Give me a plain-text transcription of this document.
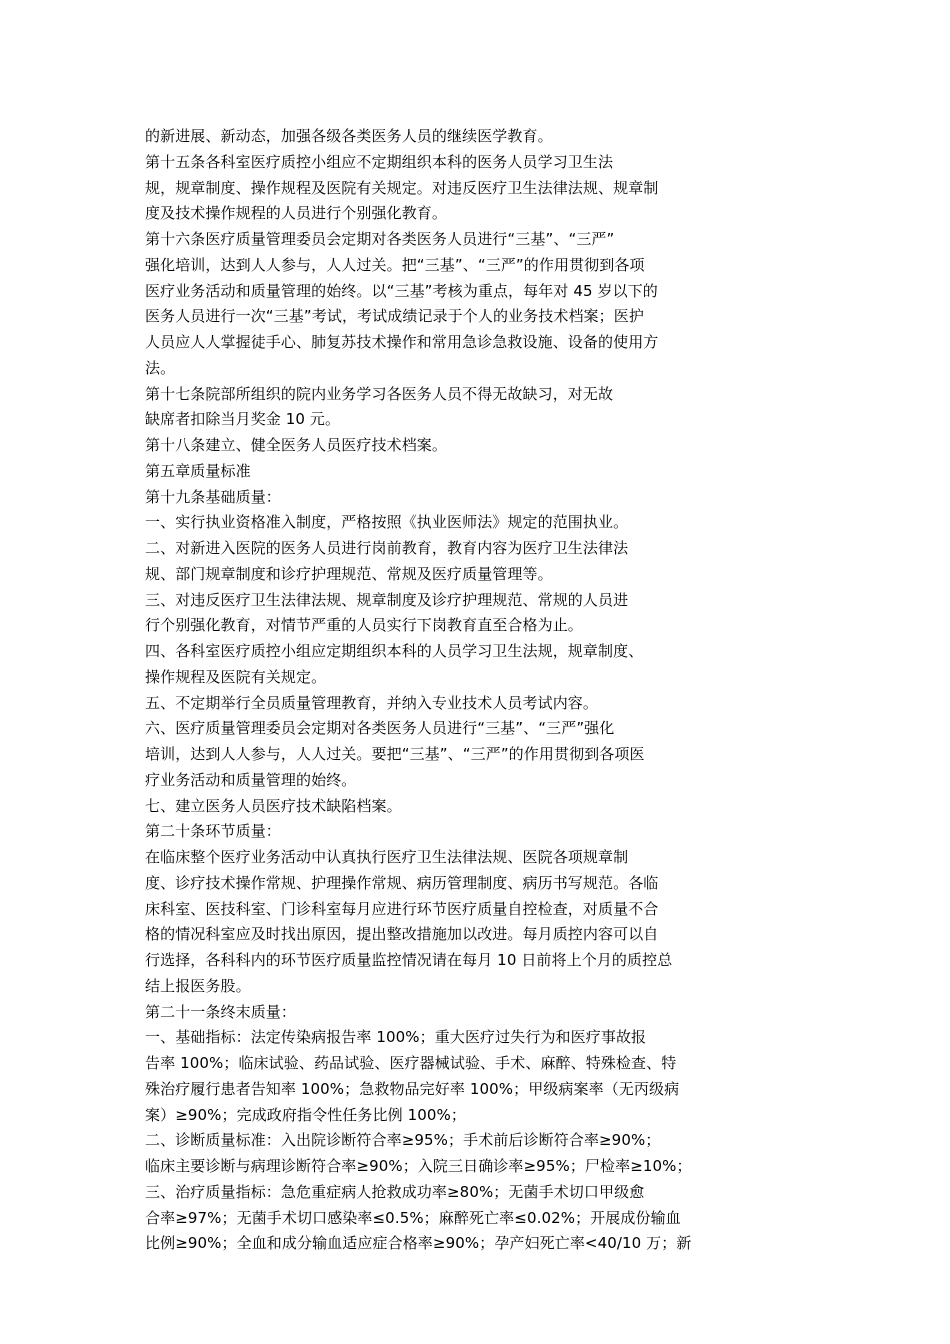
的新进展、新动态，加强各级各类医务人员的继续医学教育。
第十五条各科室医疗质控小组应不定期组织本科的医务人员学习卫生法
规，规章制度、操作规程及医院有关规定。对违反医疗卫生法律法规、规章制
度及技术操作规程的人员进行个别强化教育。
第十六条医疗质量管理委员会定期对各类医务人员进行“三基”、“三严”
强化培训，达到人人参与，人人过关。把“三基”、“三严”的作用贯彻到各项
医疗业务活动和质量管理的始终。以“三基”考核为重点，每年对 45 岁以下的
医务人员进行一次“三基”考试，考试成绩记录于个人的业务技术档案；医护
人员应人人掌握徒手心、肺复苏技术操作和常用急诊急救设施、设备的使用方
法。
第十七条院部所组织的院内业务学习各医务人员不得无故缺习，对无故
缺席者扣除当月奖金 10 元。
第十八条建立、健全医务人员医疗技术档案。
第五章质量标准
第十九条基础质量：
一、实行执业资格准入制度，严格按照《执业医师法》规定的范围执业。
二、对新进入医院的医务人员进行岗前教育，教育内容为医疗卫生法律法
规、部门规章制度和诊疗护理规范、常规及医疗质量管理等。
三、对违反医疗卫生法律法规、规章制度及诊疗护理规范、常规的人员进
行个别强化教育，对情节严重的人员实行下岗教育直至合格为止。
四、各科室医疗质控小组应定期组织本科的人员学习卫生法规，规章制度、
操作规程及医院有关规定。
五、不定期举行全员质量管理教育，并纳入专业技术人员考试内容。
六、医疗质量管理委员会定期对各类医务人员进行“三基”、“三严”强化
培训，达到人人参与，人人过关。要把“三基”、“三严”的作用贯彻到各项医
疗业务活动和质量管理的始终。
七、建立医务人员医疗技术缺陷档案。
第二十条环节质量：
在临床整个医疗业务活动中认真执行医疗卫生法律法规、医院各项规章制
度、诊疗技术操作常规、护理操作常规、病历管理制度、病历书写规范。各临
床科室、医技科室、门诊科室每月应进行环节医疗质量自控检查，对质量不合
格的情况科室应及时找出原因，提出整改措施加以改进。每月质控内容可以自
行选择，各科科内的环节医疗质量监控情况请在每月 10 日前将上个月的质控总
结上报医务股。
第二十一条终末质量：
一、基础指标：法定传染病报告率 100%；重大医疗过失行为和医疗事故报
告率 100%；临床试验、药品试验、医疗器械试验、手术、麻醉、特殊检查、特
殊治疗履行患者告知率 100%；急救物品完好率 100%；甲级病案率（无丙级病
案）≥90%；完成政府指令性任务比例 100%；
二、诊断质量标准：入出院诊断符合率≥95%；手术前后诊断符合率≥90%；
临床主要诊断与病理诊断符合率≥90%；入院三日确诊率≥95%；尸检率≥10%；
三、治疗质量指标：急危重症病人抢救成功率≥80%；无菌手术切口甲级愈
合率≥97%；无菌手术切口感染率≤0.5%；麻醉死亡率≤0.02%；开展成份输血
比例≥90%；全血和成分输血适应症合格率≥90%；孕产妇死亡率<40/10 万；新
